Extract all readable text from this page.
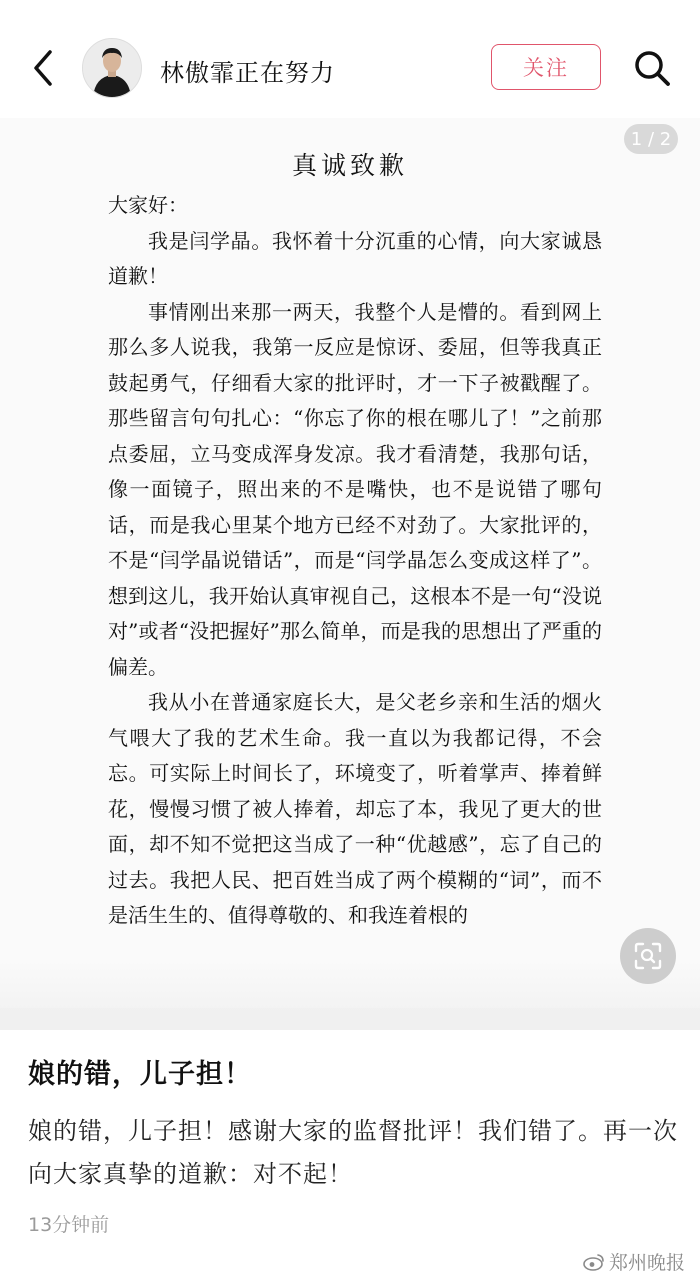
林傲霏正在努力	关注
1 / 2
真诚致歉

大家好：

我是闫学晶。我怀着十分沉重的心情，向大家诚恳道歉！

事情刚出来那一两天，我整个人是懵的。看到网上那么多人说我，我第一反应是惊讶、委屈，但等我真正鼓起勇气，仔细看大家的批评时，才一下子被戳醒了。那些留言句句扎心：“你忘了你的根在哪儿了！”之前那点委屈，立马变成浑身发凉。我才看清楚，我那句话，像一面镜子，照出来的不是嘴快，也不是说错了哪句话，而是我心里某个地方已经不对劲了。大家批评的，不是“闫学晶说错话”，而是“闫学晶怎么变成这样了”。想到这儿，我开始认真审视自己，这根本不是一句“没说对”或者“没把握好”那么简单，而是我的思想出了严重的偏差。

我从小在普通家庭长大，是父老乡亲和生活的烟火气喂大了我的艺术生命。我一直以为我都记得，不会忘。可实际上时间长了，环境变了，听着掌声、捧着鲜花，慢慢习惯了被人捧着，却忘了本，我见了更大的世面，却不知不觉把这当成了一种“优越感”，忘了自己的过去。我把人民、把百姓当成了两个模糊的“词”，而不是活生生的、值得尊敬的、和我连着根的

娘的错，儿子担！
娘的错，儿子担！感谢大家的监督批评！我们错了。再一次向大家真挚的道歉：对不起！
13分钟前
郑州晚报
